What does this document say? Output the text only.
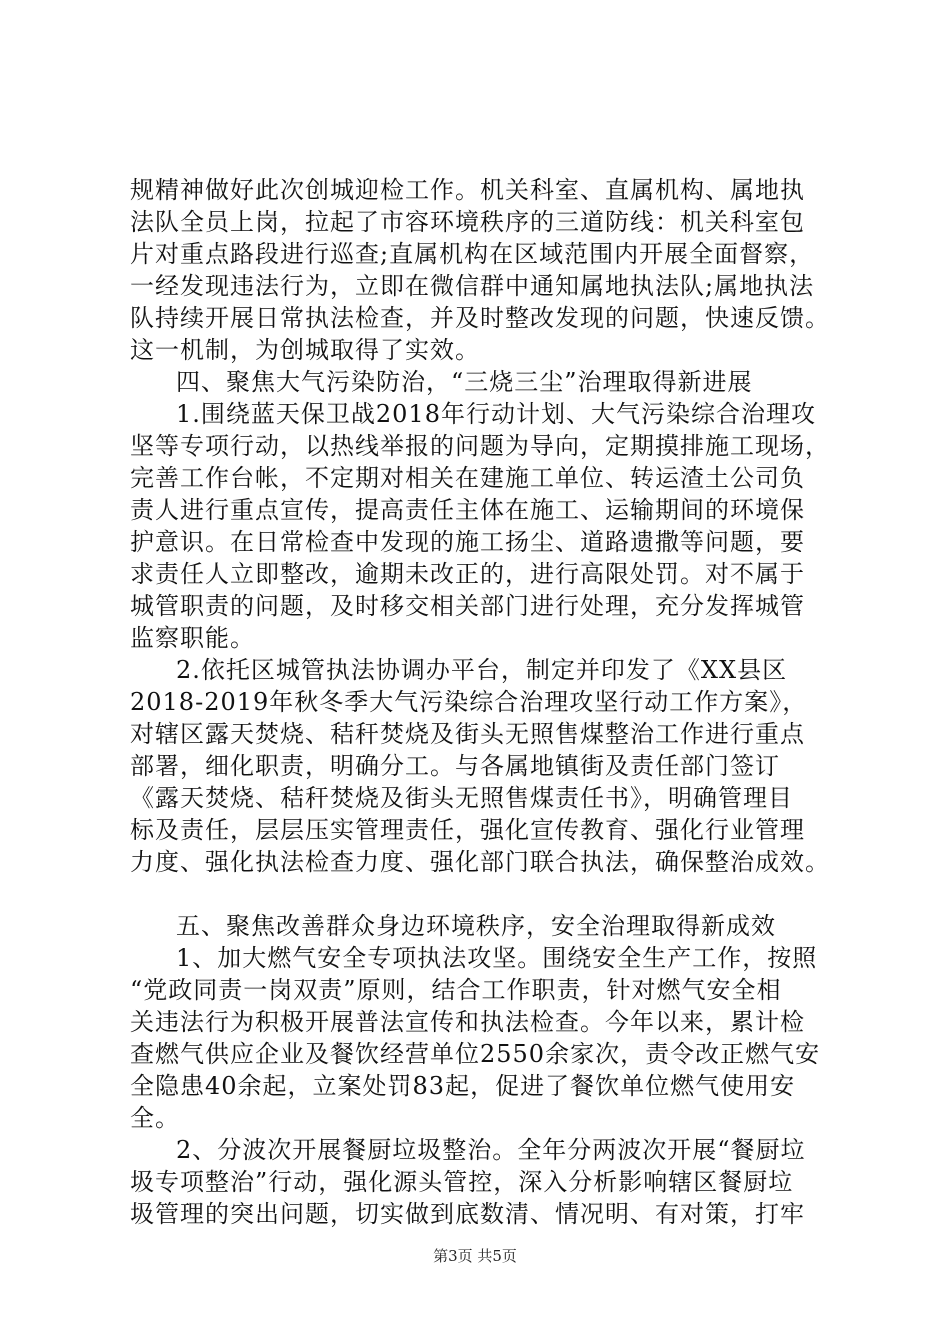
规精神做好此次创城迎检工作。机关科室、直属机构、属地执
法队全员上岗，拉起了市容环境秩序的三道防线：机关科室包
片对重点路段进行巡查;直属机构在区域范围内开展全面督察，
一经发现违法行为，立即在微信群中通知属地执法队;属地执法
队持续开展日常执法检查，并及时整改发现的问题，快速反馈。
这一机制，为创城取得了实效。
四、聚焦大气污染防治，“三烧三尘”治理取得新进展
1.围绕蓝天保卫战2018年行动计划、大气污染综合治理攻
坚等专项行动，以热线举报的问题为导向，定期摸排施工现场，
完善工作台帐，不定期对相关在建施工单位、转运渣土公司负
责人进行重点宣传，提高责任主体在施工、运输期间的环境保
护意识。在日常检查中发现的施工扬尘、道路遗撒等问题，要
求责任人立即整改，逾期未改正的，进行高限处罚。对不属于
城管职责的问题，及时移交相关部门进行处理，充分发挥城管
监察职能。
2.依托区城管执法协调办平台，制定并印发了《XX县区
2018-2019年秋冬季大气污染综合治理攻坚行动工作方案》，
对辖区露天焚烧、秸秆焚烧及街头无照售煤整治工作进行重点
部署，细化职责，明确分工。与各属地镇街及责任部门签订
《露天焚烧、秸秆焚烧及街头无照售煤责任书》，明确管理目
标及责任，层层压实管理责任，强化宣传教育、强化行业管理
力度、强化执法检查力度、强化部门联合执法，确保整治成效。
五、聚焦改善群众身边环境秩序，安全治理取得新成效
1、加大燃气安全专项执法攻坚。围绕安全生产工作，按照
“党政同责一岗双责”原则，结合工作职责，针对燃气安全相
关违法行为积极开展普法宣传和执法检查。今年以来，累计检
查燃气供应企业及餐饮经营单位2550余家次，责令改正燃气安
全隐患40余起，立案处罚83起，促进了餐饮单位燃气使用安
全。
2、分波次开展餐厨垃圾整治。全年分两波次开展“餐厨垃
圾专项整治”行动，强化源头管控，深入分析影响辖区餐厨垃
圾管理的突出问题，切实做到底数清、情况明、有对策，打牢
第3页 共5页
